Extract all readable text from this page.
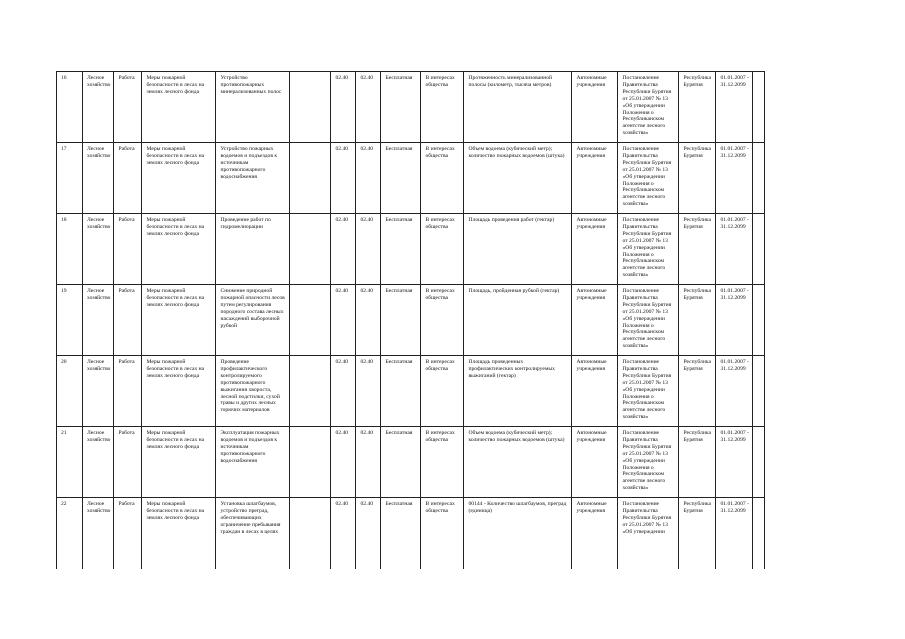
16	Лесное хозяйство	Работа	Меры пожарной безопасности в лесах на землях лесного фонда	Устройство противопожарных минерализованных полос		02.40	02.40	Бесплатная	В интересах общества	Протяженность минерализованной полосы (километр, тысяча метров)	Автономные учреждения	Постановление Правительства Республики Бурятия от 25.01.2007 № 13 «Об утверждении Положения о Республиканском агентстве лесного хозяйства»	Республика Бурятия	01.01.2007 - 31.12.2099	
17	Лесное хозяйство	Работа	Меры пожарной безопасности в лесах на землях лесного фонда	Устройство пожарных водоемов и подъездов к источникам противопожарного водоснабжения		02.40	02.40	Бесплатная	В интересах общества	Объем водоема (кубический метр); количество пожарных водоемов (штука)	Автономные учреждения	Постановление Правительства Республики Бурятия от 25.01.2007 № 13 «Об утверждении Положения о Республиканском агентстве лесного хозяйства»	Республика Бурятия	01.01.2007 - 31.12.2099	
18	Лесное хозяйство	Работа	Меры пожарной безопасности в лесах на землях лесного фонда	Проведение работ по гидромелиорации		02.40	02.40	Бесплатная	В интересах общества	Площадь проведения работ (гектар)	Автономные учреждения	Постановление Правительства Республики Бурятия от 25.01.2007 № 13 «Об утверждении Положения о Республиканском агентстве лесного хозяйства»	Республика Бурятия	01.01.2007 - 31.12.2099	
19	Лесное хозяйство	Работа	Меры пожарной безопасности в лесах на землях лесного фонда	Снижение природной пожарной опасности лесов путем регулирования породного состава лесных насаждений выборочной рубкой		02.40	02.40	Бесплатная	В интересах общества	Площадь, пройденная рубкой (гектар)	Автономные учреждения	Постановление Правительства Республики Бурятия от 25.01.2007 № 13 «Об утверждении Положения о Республиканском агентстве лесного хозяйства»	Республика Бурятия	01.01.2007 - 31.12.2099	
20	Лесное хозяйство	Работа	Меры пожарной безопасности в лесах на землях лесного фонда	Проведение профилактического контролируемого противопожарного выжигания хвороста, лесной подстилки, сухой травы и других лесных горючих материалов		02.40	02.40	Бесплатная	В интересах общества	Площадь проведенных профилактических контролируемых выжиганий (гектар)	Автономные учреждения	Постановление Правительства Республики Бурятия от 25.01.2007 № 13 «Об утверждении Положения о Республиканском агентстве лесного хозяйства»	Республика Бурятия	01.01.2007 - 31.12.2099	
21	Лесное хозяйство	Работа	Меры пожарной безопасности в лесах на землях лесного фонда	Эксплуатация пожарных водоемов и подъездов к источникам противопожарного водоснабжения		02.40	02.40	Бесплатная	В интересах общества	Объем водоема (кубический метр); количество пожарных водоемов (штука)	Автономные учреждения	Постановление Правительства Республики Бурятия от 25.01.2007 № 13 «Об утверждении Положения о Республиканском агентстве лесного хозяйства»	Республика Бурятия	01.01.2007 - 31.12.2099	
22	Лесное хозяйство	Работа	Меры пожарной безопасности в лесах на землях лесного фонда	Установка шлагбаумов, устройство преград, обеспечивающих ограничение пребывания граждан в лесах в целях		02.40	02.40	Бесплатная	В интересах общества	00144 - Количество шлагбаумов, преград (единица)	Автономные учреждения	Постановление Правительства Республики Бурятия от 25.01.2007 № 13 «Об утверждении	Республика Бурятия	01.01.2007 - 31.12.2099	
